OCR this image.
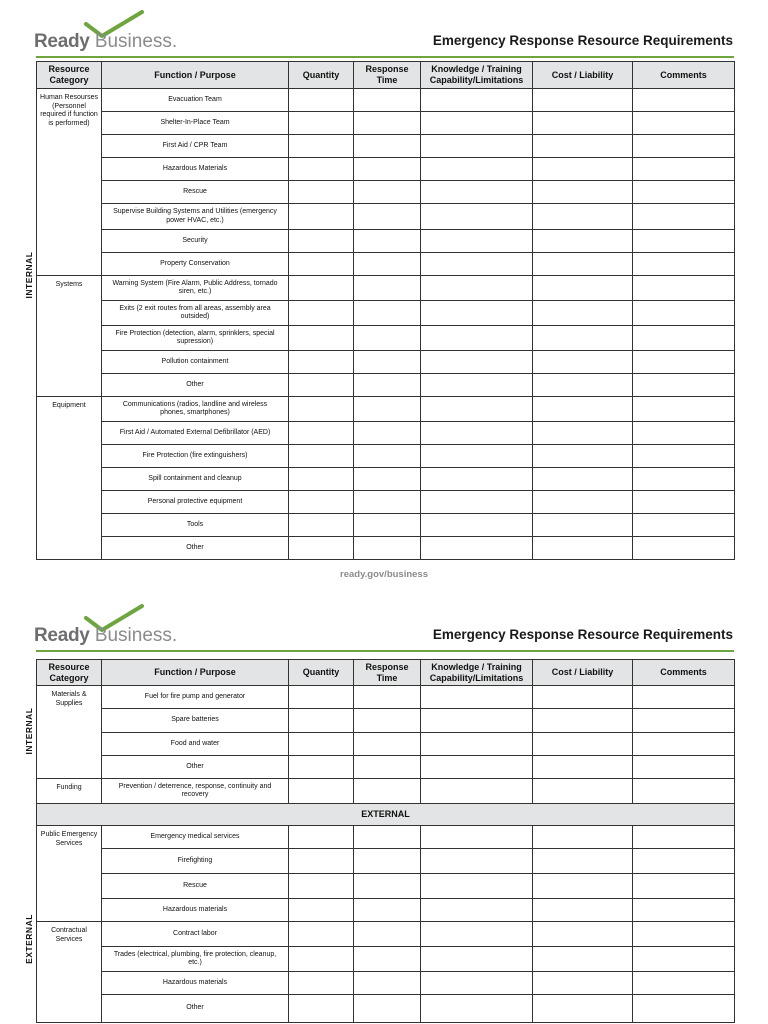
Ready Business.	Emergency Response Resource Requirements
Resource Category	Function / Purpose	Quantity	Response Time	Knowledge / Training Capability/Limitations	Cost / Liability	Comments
Human Resourses (Personnel required if function is performed)	Evacuation Team					
	Shelter-In-Place Team					
	First Aid / CPR Team					
	Hazardous Materials					
	Rescue					
	Supervise Building Systems and Utilities (emergency power HVAC, etc.)					
	Security					
	Property Conservation					
Systems	Warning System (Fire Alarm, Public Address, tornado siren, etc.)					
	Exits (2 exit routes from all areas, assembly area outsided)					
	Fire Protection (detection, alarm, sprinklers, special supression)					
	Pollution containment					
	Other					
Equipment	Communications (radios, landline and wireless phones, smartphones)					
	First Aid / Automated External Defibrillator (AED)					
	Fire Protection (fire extinguishers)					
	Spill containment and cleanup					
	Personal protective equipment					
	Tools					
	Other					
INTERNAL
ready.gov/business
Ready Business.	Emergency Response Resource Requirements
Resource Category	Function / Purpose	Quantity	Response Time	Knowledge / Training Capability/Limitations	Cost / Liability	Comments
Materials & Supplies	Fuel for fire pump and generator					
	Spare batteries					
	Food and water					
	Other					
Funding	Prevention / deterrence, response, continuity and recovery					
EXTERNAL						
Public Emergency Services	Emergency medical services					
	Firefighting					
	Rescue					
	Hazardous materials					
Contractual Services	Contract labor					
	Trades (electrical, plumbing, fire protection, cleanup, etc.)					
	Hazardous materials					
	Other					
INTERNAL
EXTERNAL
